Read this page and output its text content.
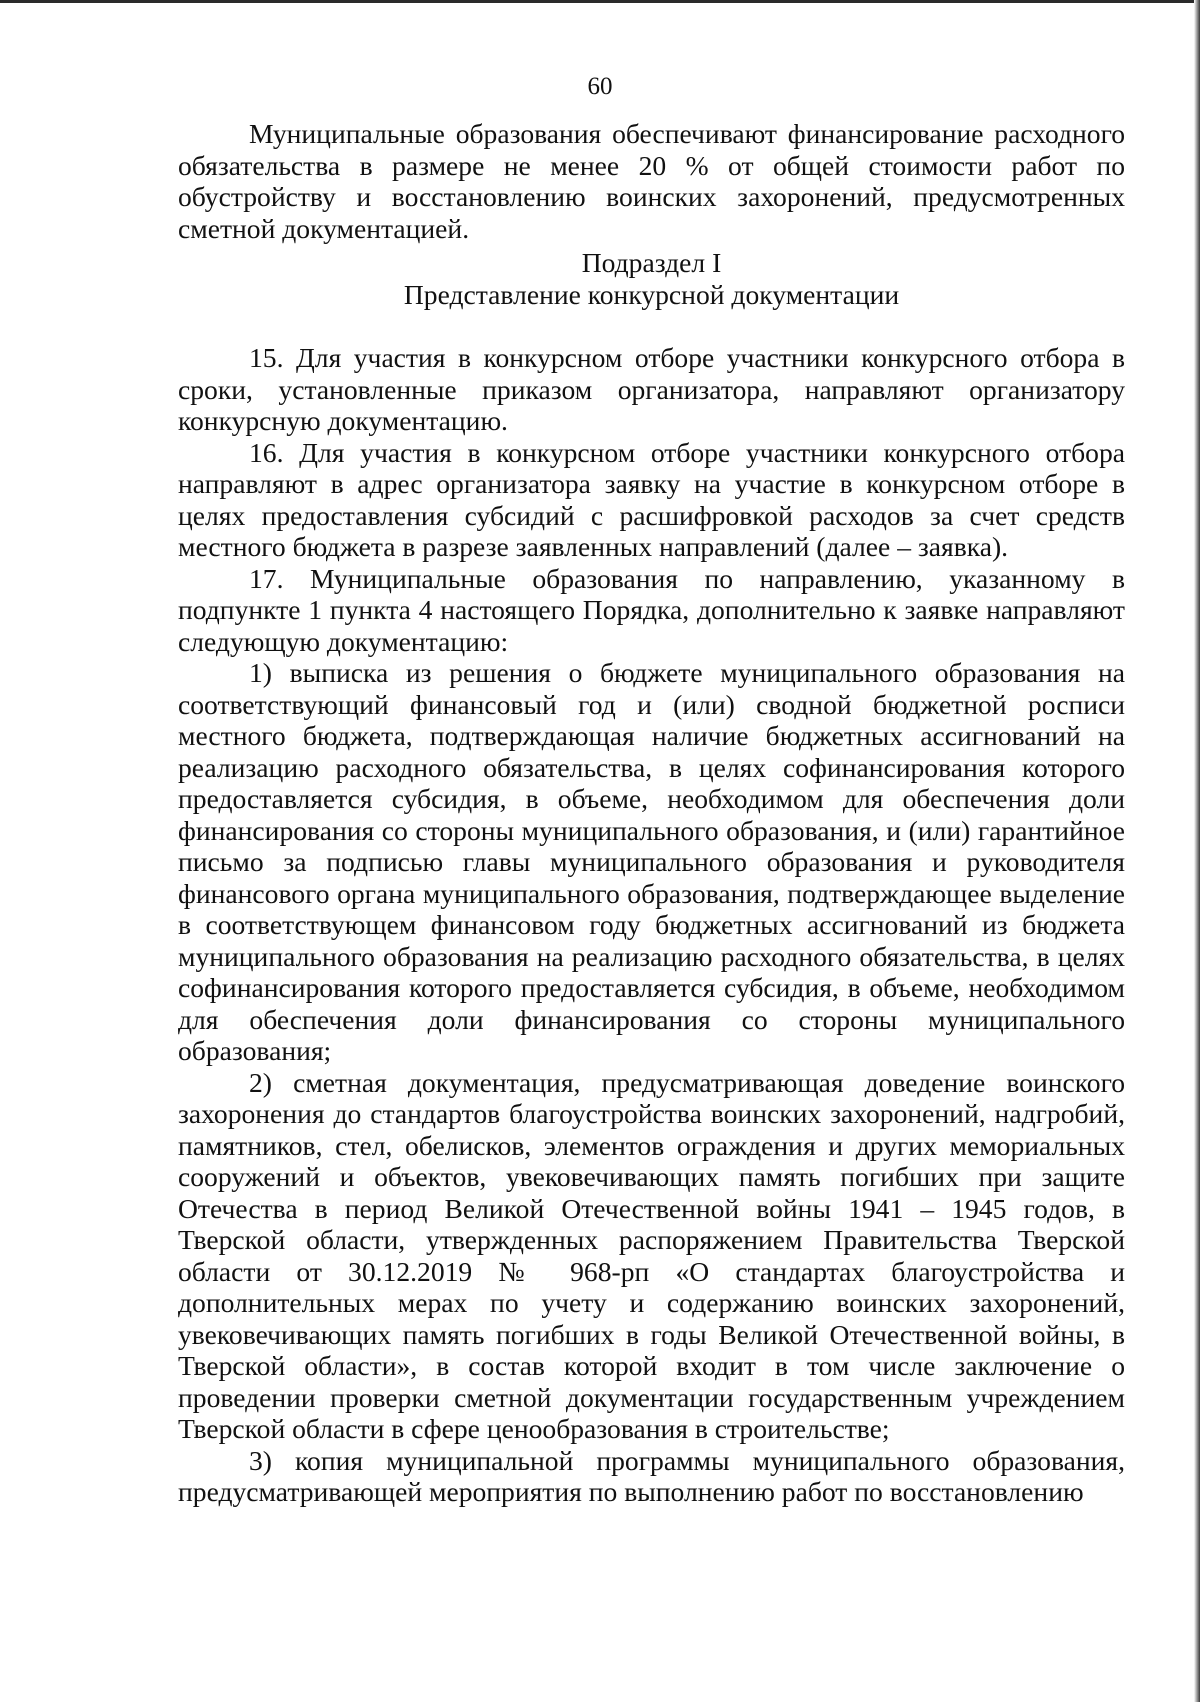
60

Муниципальные образования обеспечивают финансирование расходного обязательства в размере не менее 20 % от общей стоимости работ по обустройству и восстановлению воинских захоронений, предусмотренных сметной документацией.

Подраздел I

Представление конкурсной документации

15. Для участия в конкурсном отборе участники конкурсного отбора в сроки, установленные приказом организатора, направляют организатору конкурсную документацию.

16. Для участия в конкурсном отборе участники конкурсного отбора направляют в адрес организатора заявку на участие в конкурсном отборе в целях предоставления субсидий с расшифровкой расходов за счет средств местного бюджета в разрезе заявленных направлений (далее – заявка).

17. Муниципальные образования по направлению, указанному в подпункте 1 пункта 4 настоящего Порядка, дополнительно к заявке направляют следующую документацию:

1) выписка из решения о бюджете муниципального образования на соответствующий финансовый год и (или) сводной бюджетной росписи местного бюджета, подтверждающая наличие бюджетных ассигнований на реализацию расходного обязательства, в целях софинансирования которого предоставляется субсидия, в объеме, необходимом для обеспечения доли финансирования со стороны муниципального образования, и (или) гарантийное письмо за подписью главы муниципального образования и руководителя финансового органа муниципального образования, подтверждающее выделение в соответствующем финансовом году бюджетных ассигнований из бюджета муниципального образования на реализацию расходного обязательства, в целях софинансирования которого предоставляется субсидия, в объеме, необходимом для обеспечения доли финансирования со стороны муниципального образования;

2) сметная документация, предусматривающая доведение воинского захоронения до стандартов благоустройства воинских захоронений, надгробий, памятников, стел, обелисков, элементов ограждения и других мемориальных сооружений и объектов, увековечивающих память погибших при защите Отечества в период Великой Отечественной войны 1941 – 1945 годов, в Тверской области, утвержденных распоряжением Правительства Тверской области от 30.12.2019 № 968-рп «О стандартах благоустройства и дополнительных мерах по учету и содержанию воинских захоронений, увековечивающих память погибших в годы Великой Отечественной войны, в Тверской области», в состав которой входит в том числе заключение о проведении проверки сметной документации государственным учреждением Тверской области в сфере ценообразования в строительстве;

3) копия муниципальной программы муниципального образования, предусматривающей мероприятия по выполнению работ по восстановлению
